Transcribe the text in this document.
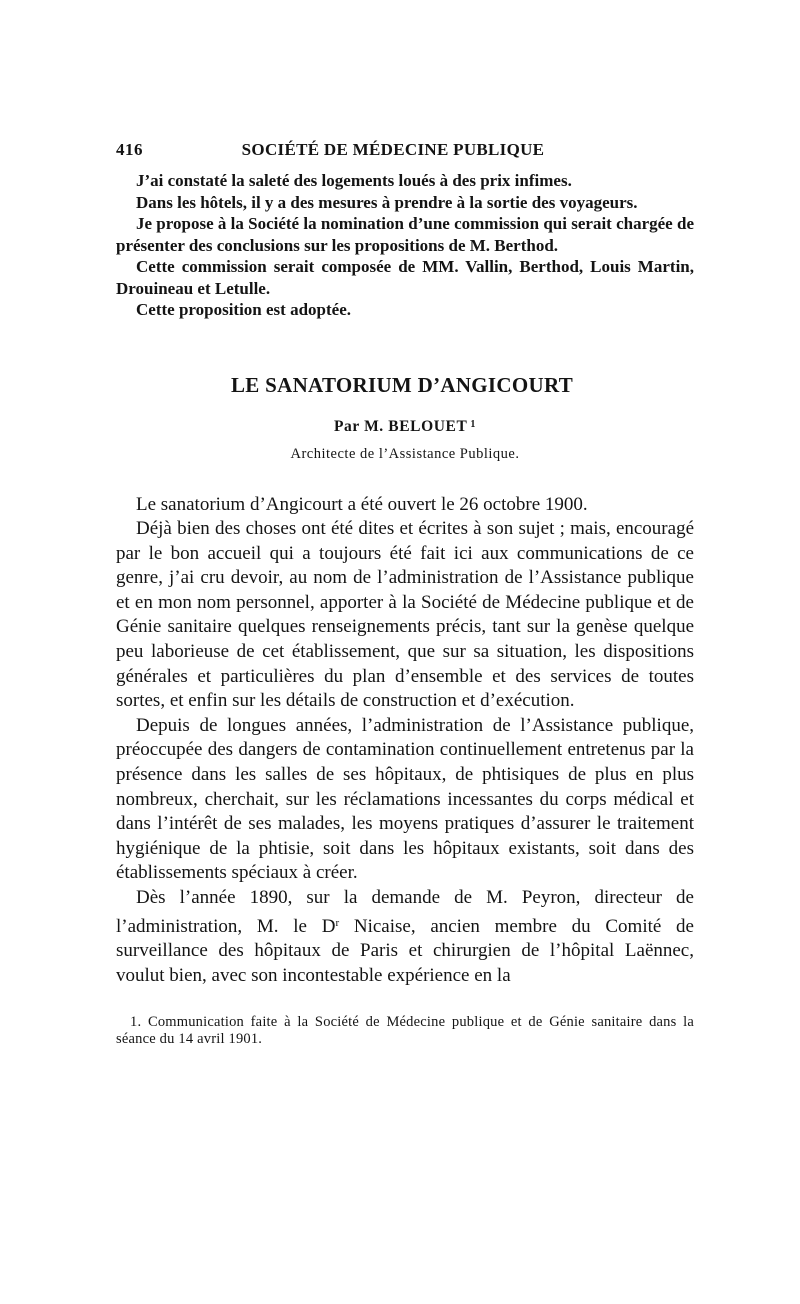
416	SOCIÉTÉ DE MÉDECINE PUBLIQUE

J’ai constaté la saleté des logements loués à des prix infimes.

Dans les hôtels, il y a des mesures à prendre à la sortie des voyageurs.

Je propose à la Société la nomination d’une commission qui serait chargée de présenter des conclusions sur les propositions de M. Berthod.

Cette commission serait composée de MM. Vallin, Berthod, Louis Martin, Drouineau et Letulle.

Cette proposition est adoptée.

LE SANATORIUM D’ANGICOURT
Par M. BELOUET $^1$
Architecte de l’Assistance Publique.

Le sanatorium d’Angicourt a été ouvert le 26 octobre 1900.

Déjà bien des choses ont été dites et écrites à son sujet ; mais, encouragé par le bon accueil qui a toujours été fait ici aux communications de ce genre, j’ai cru devoir, au nom de l’administration de l’Assistance publique et en mon nom personnel, apporter à la Société de Médecine publique et de Génie sanitaire quelques renseignements précis, tant sur la genèse quelque peu laborieuse de cet établissement, que sur sa situation, les dispositions générales et particulières du plan d’ensemble et des services de toutes sortes, et enfin sur les détails de construction et d’exécution.

Depuis de longues années, l’administration de l’Assistance publique, préoccupée des dangers de contamination continuellement entretenus par la présence dans les salles de ses hôpitaux, de phtisiques de plus en plus nombreux, cherchait, sur les réclamations incessantes du corps médical et dans l’intérêt de ses malades, les moyens pratiques d’assurer le traitement hygiénique de la phtisie, soit dans les hôpitaux existants, soit dans des établissements spéciaux à créer.

Dès l’année 1890, sur la demande de M. Peyron, directeur de l’administration, M. le $D^r$ Nicaise, ancien membre du Comité de surveillance des hôpitaux de Paris et chirurgien de l’hôpital Laënnec, voulut bien, avec son incontestable expérience en la

1. Communication faite à la Société de Médecine publique et de Génie sanitaire dans la séance du 14 avril 1901.
